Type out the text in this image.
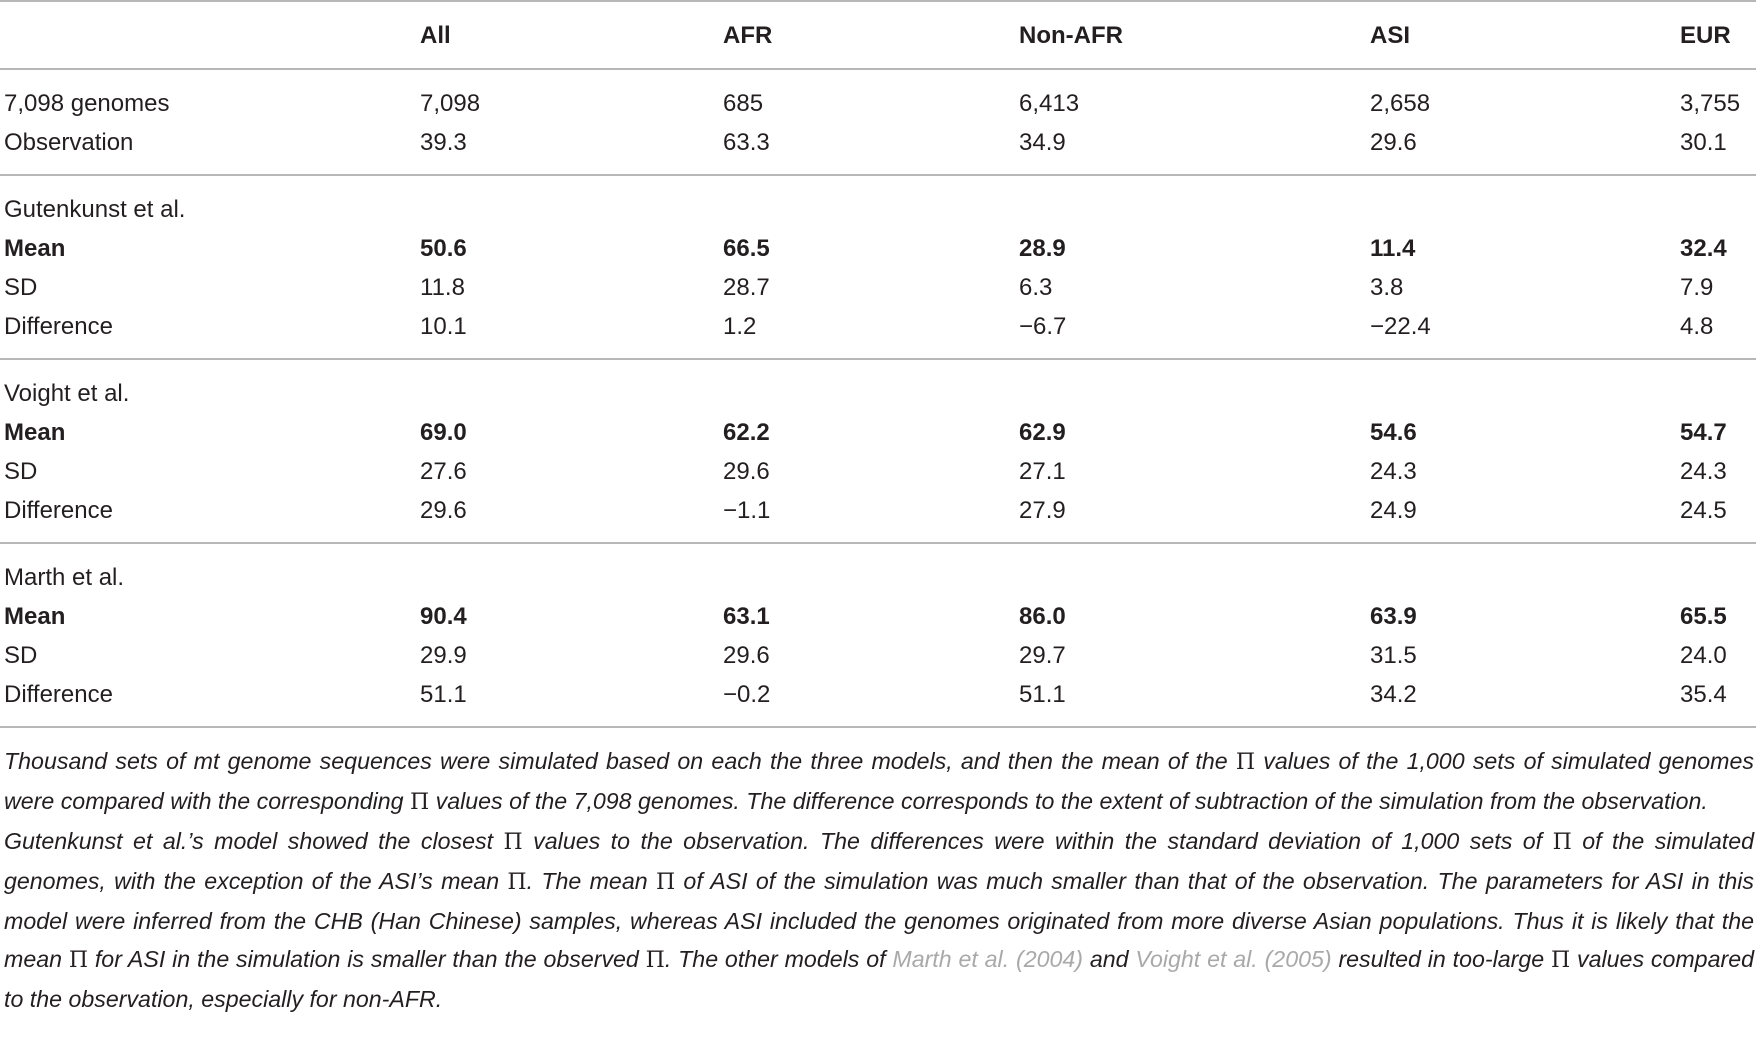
	All	AFR	Non-AFR	ASI	EUR
7,098 genomes	7,098	685	6,413	2,658	3,755
Observation	39.3	63.3	34.9	29.6	30.1
Gutenkunst et al.					
Mean	50.6	66.5	28.9	11.4	32.4
SD	11.8	28.7	6.3	3.8	7.9
Difference	10.1	1.2	−6.7	−22.4	4.8
Voight et al.					
Mean	69.0	62.2	62.9	54.6	54.7
SD	27.6	29.6	27.1	24.3	24.3
Difference	29.6	−1.1	27.9	24.9	24.5
Marth et al.					
Mean	90.4	63.1	86.0	63.9	65.5
SD	29.9	29.6	29.7	31.5	24.0
Difference	51.1	−0.2	51.1	34.2	35.4

Thousand sets of mt genome sequences were simulated based on each the three models, and then the mean of the Π values of the 1,000 sets of simulated genomes were compared with the corresponding Π values of the 7,098 genomes. The difference corresponds to the extent of subtraction of the simulation from the observation.

Gutenkunst et al.’s model showed the closest Π values to the observation. The differences were within the standard deviation of 1,000 sets of Π of the simulated genomes, with the exception of the ASI’s mean Π. The mean Π of ASI of the simulation was much smaller than that of the observation. The parameters for ASI in this model were inferred from the CHB (Han Chinese) samples, whereas ASI included the genomes originated from more diverse Asian populations. Thus it is likely that the mean Π for ASI in the simulation is smaller than the observed Π. The other models of Marth et al. (2004) and Voight et al. (2005) resulted in too-large Π values compared to the observation, especially for non-AFR.
